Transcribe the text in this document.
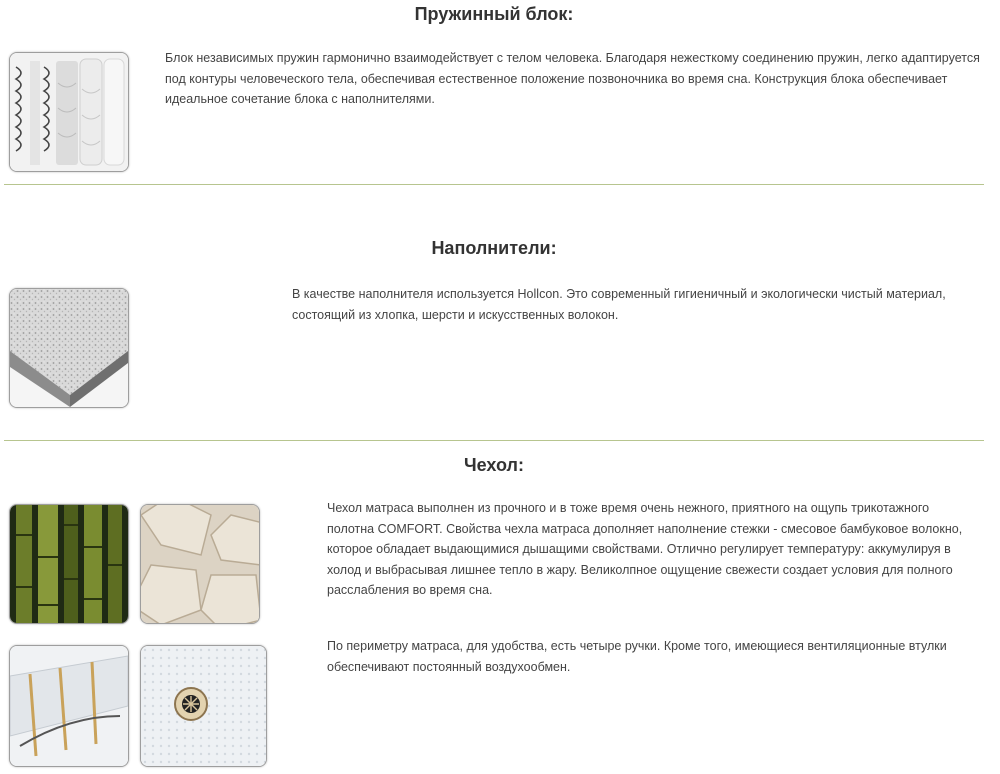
Пружинный блок:

Блок независимых пружин гармонично взаимодействует с телом человека. Благодаря нежесткому соединению пружин, легко адаптируется под контуры человеческого тела, обеспечивая естественное положение позвоночника во время сна. Конструкция блока обеспечивает идеальное сочетание блока с наполнителями.

Наполнители:

В качестве наполнителя используется Hollcon. Это современный гигиеничный и экологически чистый материал, состоящий из хлопка, шерсти и искусственных волокон.

Чехол:

Чехол матраса выполнен из прочного и в тоже время очень нежного, приятного на ощупь трикотажного полотна COMFORT. Свойства чехла матраса дополняет наполнение стежки - смесовое бамбуковое волокно, которое обладает выдающимися дышащими свойствами. Отлично регулирует температуру: аккумулируя в холод и выбрасывая лишнее тепло в жару. Великолпное ощущение свежести создает условия для полного расслабления во время сна.

По периметру матраса, для удобства, есть четыре ручки. Кроме того, имеющиеся вентиляционные втулки обеспечивают постоянный воздухообмен.
